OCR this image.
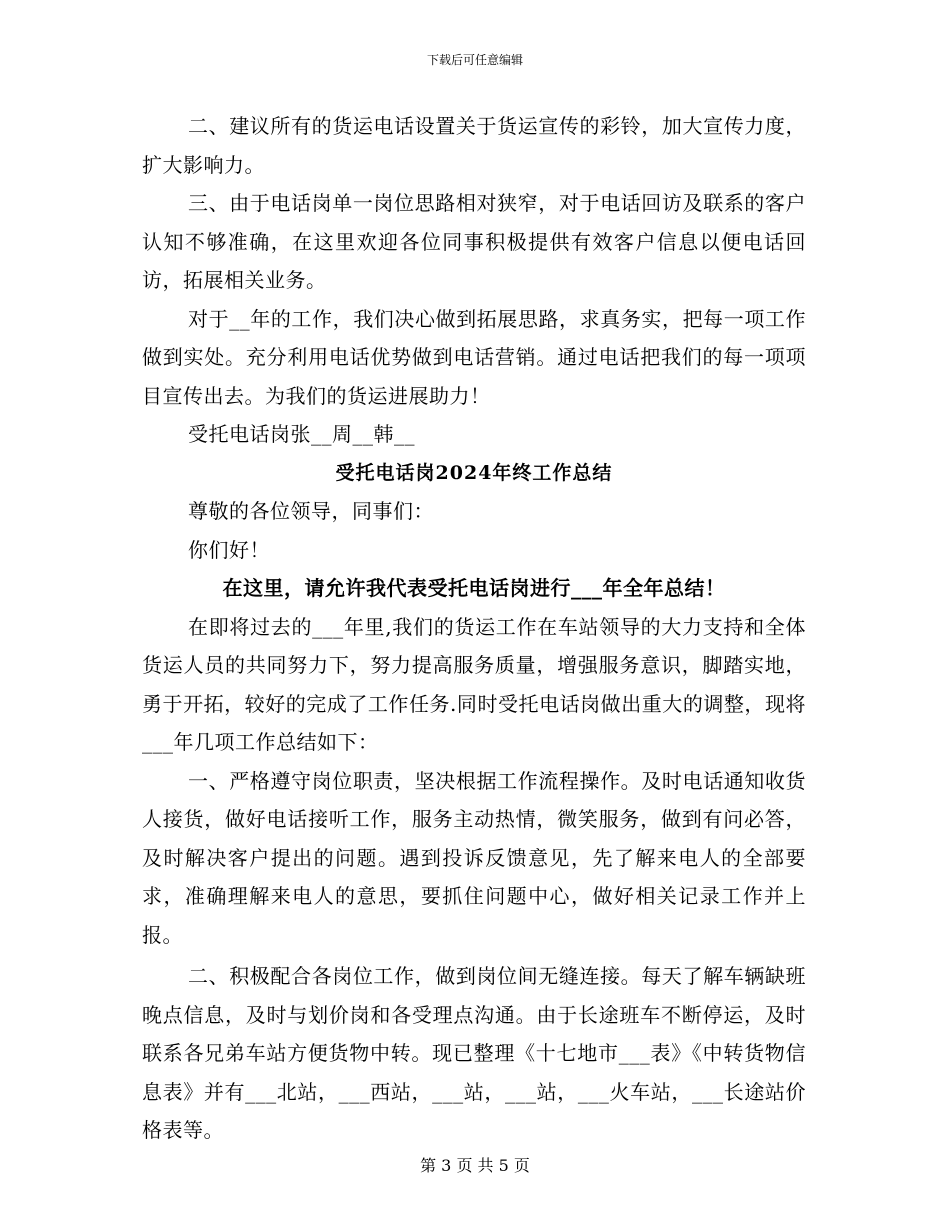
下载后可任意编辑

二、建议所有的货运电话设置关于货运宣传的彩铃，加大宣传力度，扩大影响力。

三、由于电话岗单一岗位思路相对狭窄，对于电话回访及联系的客户认知不够准确，在这里欢迎各位同事积极提供有效客户信息以便电话回访，拓展相关业务。

对于__年的工作，我们决心做到拓展思路，求真务实，把每一项工作做到实处。充分利用电话优势做到电话营销。通过电话把我们的每一项项目宣传出去。为我们的货运进展助力！

受托电话岗张__周__韩__

受托电话岗2024年终工作总结

尊敬的各位领导，同事们：

你们好！

在这里，请允许我代表受托电话岗进行___年全年总结！

在即将过去的___年里,我们的货运工作在车站领导的大力支持和全体货运人员的共同努力下，努力提高服务质量，增强服务意识，脚踏实地，勇于开拓，较好的完成了工作任务.同时受托电话岗做出重大的调整，现将___年几项工作总结如下：

一、严格遵守岗位职责，坚决根据工作流程操作。及时电话通知收货人接货，做好电话接听工作，服务主动热情，微笑服务，做到有问必答，及时解决客户提出的问题。遇到投诉反馈意见，先了解来电人的全部要求，准确理解来电人的意思，要抓住问题中心，做好相关记录工作并上报。

二、积极配合各岗位工作，做到岗位间无缝连接。每天了解车辆缺班晚点信息，及时与划价岗和各受理点沟通。由于长途班车不断停运，及时联系各兄弟车站方便货物中转。现已整理《十七地市___表》《中转货物信息表》并有___北站，___西站，___站，___站，___火车站，___长途站价格表等。

第 3 页 共 5 页
